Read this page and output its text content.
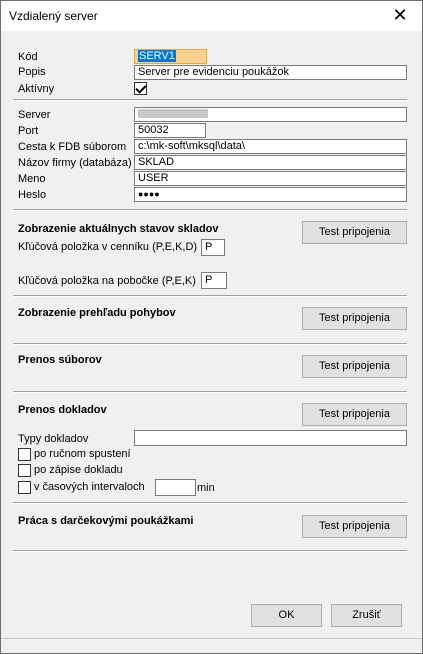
Vzdialený server	✕
Kód	SERV1
Popis	Server pre evidenciu poukážok
Aktívny
Server
Port	50032
Cesta k FDB súborom	c:\mk-soft\mksql\data\
Názov firmy (databáza) SKLAD
Meno	USER
Heslo	●●●●
Zobrazenie aktuálnych stavov skladov	Test pripojenia
Kľúčová položka v cenníku (P,E,K,D) P
Kľúčová položka na pobočke (P,E,K) P
Zobrazenie prehľadu pohybov	Test pripojenia
Prenos súborov	Test pripojenia
Prenos dokladov	Test pripojenia
Typy dokladov
po ručnom spustení
po zápise dokladu
v časových intervaloch	min
Práca s darčekovými poukážkami	Test pripojenia
OK	Zrušiť
